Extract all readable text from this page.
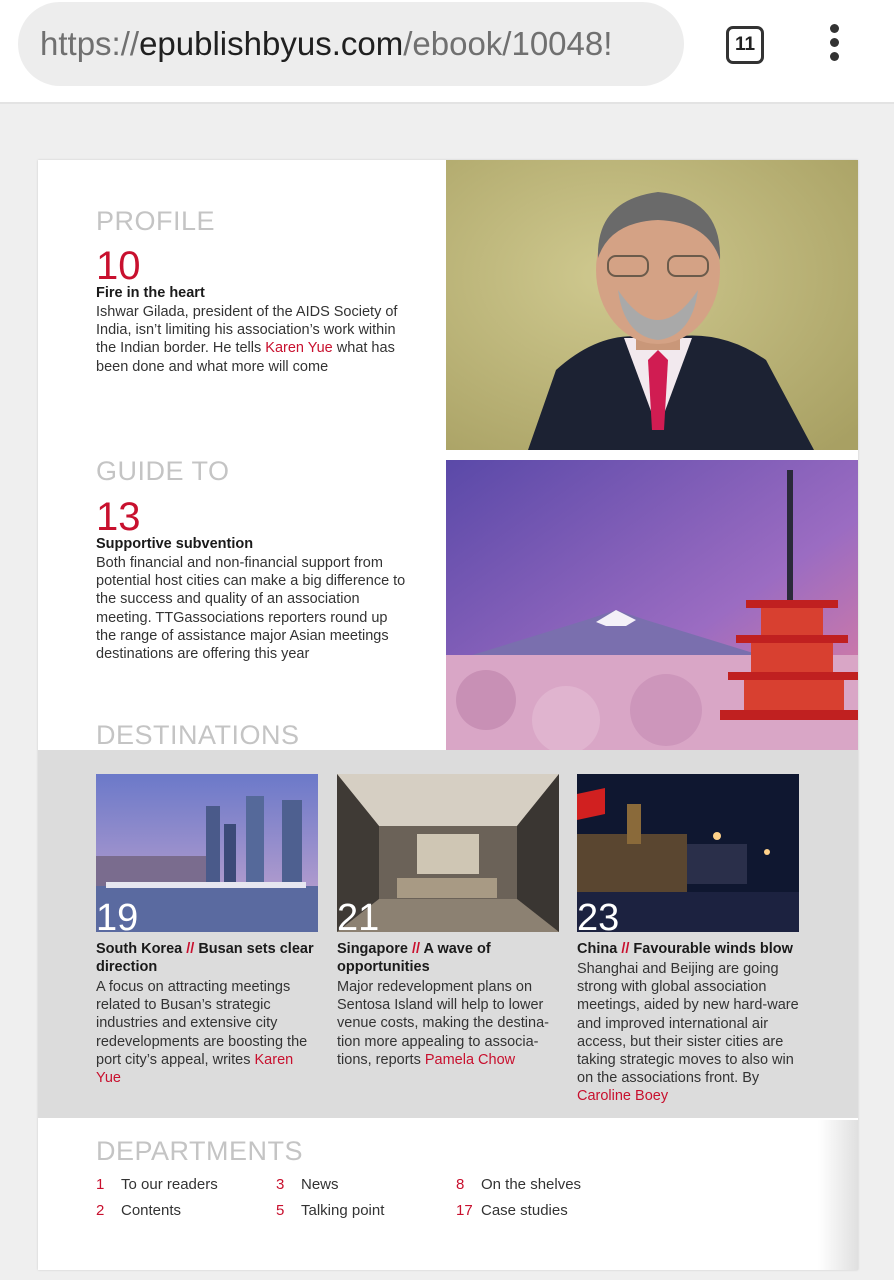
https://epublishbyus.com/ebook/10048!	11
PROFILE
10
Fire in the heart
Ishwar Gilada, president of the AIDS Society of India, isn’t limiting his association’s work within the Indian border. He tells Karen Yue what has been done and what more will come
GUIDE TO
13
Supportive subvention
Both financial and non-financial support from potential host cities can make a big difference to the success and quality of an association meeting. TTGassociations reporters round up the range of assistance major Asian meetings destinations are offering this year
DESTINATIONS
19
South Korea // Busan sets clear direction
A focus on attracting meetings related to Busan’s strategic industries and extensive city redevelopments are boosting the port city’s appeal, writes Karen Yue
21
Singapore // A wave of opportunities
Major redevelopment plans on Sentosa Island will help to lower venue costs, making the destina-tion more appealing to associa-tions, reports Pamela Chow
23
China // Favourable winds blow
Shanghai and Beijing are going strong with global association meetings, aided by new hard-ware and improved international air access, but their sister cities are taking strategic moves to also win on the associations front. By Caroline Boey
DEPARTMENTS
1 To our readers
2 Contents
3 News
5 Talking point
8 On the shelves
17 Case studies
